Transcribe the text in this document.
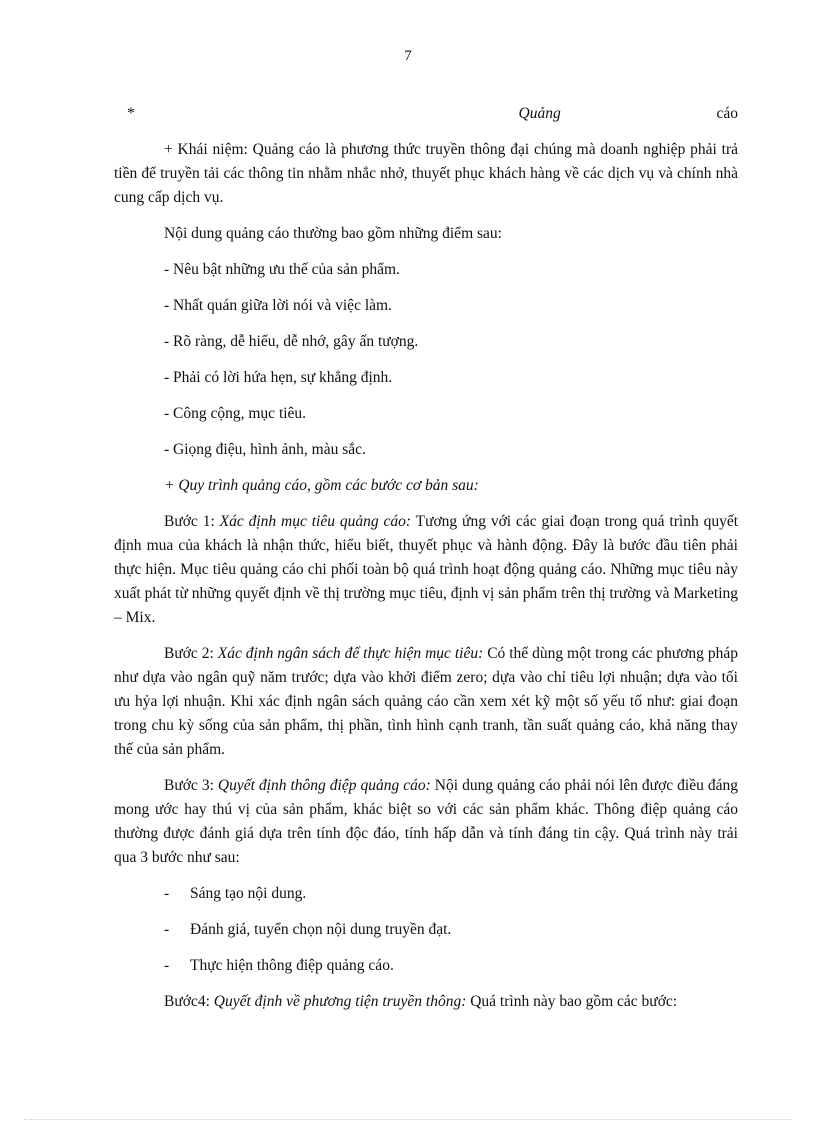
7

*	Quảng	cáo

+ Khái niệm: Quảng cáo là phương thức truyền thông đại chúng mà doanh nghiệp phải trả tiền để truyền tải các thông tin nhằm nhắc nhở, thuyết phục khách hàng về các dịch vụ và chính nhà cung cấp dịch vụ.

Nội dung quảng cáo thường bao gồm những điểm sau:

- Nêu bật những ưu thế của sản phẩm.

- Nhất quán giữa lời nói và việc làm.

- Rõ ràng, dễ hiểu, dễ nhớ, gây ấn tượng.

- Phải có lời hứa hẹn, sự khẳng định.

- Công cộng, mục tiêu.

- Giọng điệu, hình ảnh, màu sắc.

+ Quy trình quảng cáo, gồm các bước cơ bản sau:

Bước 1: Xác định mục tiêu quảng cáo: Tương ứng với các giai đoạn trong quá trình quyết định mua của khách là nhận thức, hiểu biết, thuyết phục và hành động. Đây là bước đầu tiên phải thực hiện. Mục tiêu quảng cáo chi phối toàn bộ quá trình hoạt động quảng cáo. Những mục tiêu này xuất phát từ những quyết định về thị trường mục tiêu, định vị sản phẩm trên thị trường và Marketing – Mix.

Bước 2: Xác định ngân sách để thực hiện mục tiêu: Có thể dùng một trong các phương pháp như dựa vào ngân quỹ năm trước; dựa vào khởi điểm zero; dựa vào chỉ tiêu lợi nhuận; dựa vào tối ưu hỷa lợi nhuận. Khi xác định ngân sách quảng cáo cần xem xét kỹ một số yếu tố như: giai đoạn trong chu kỳ sống của sản phẩm, thị phần, tình hình cạnh tranh, tần suất quảng cáo, khả năng thay thế của sản phẩm.

Bước 3: Quyết định thông điệp quảng cáo: Nội dung quảng cáo phải nói lên được điều đáng mong ước hay thú vị của sản phẩm, khác biệt so với các sản phẩm khác. Thông điệp quảng cáo thường được đánh giá dựa trên tính độc đáo, tính hấp dẫn và tính đáng tin cậy. Quá trình này trải qua 3 bước như sau:

-	Sáng tạo nội dung.

-	Đánh giá, tuyển chọn nội dung truyền đạt.

-	Thực hiện thông điệp quảng cáo.

Bước4: Quyết định về phương tiện truyền thông: Quá trình này bao gồm các bước:
